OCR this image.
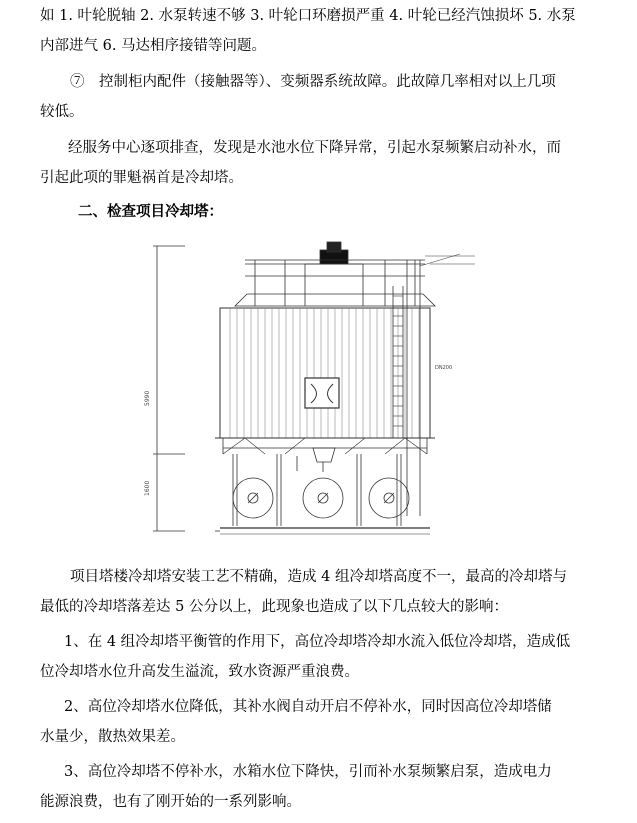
如 1. 叶轮脱轴 2. 水泵转速不够 3. 叶轮口环磨损严重 4. 叶轮已经汽蚀损坏 5. 水泵
内部进气 6. 马达相序接错等问题。
⑦　控制柜内配件（接触器等）、变频器系统故障。此故障几率相对以上几项
较低。
经服务中心逐项排查，发现是水池水位下降异常，引起水泵频繁启动补水，而
引起此项的罪魁祸首是冷却塔。
二、检查项目冷却塔：
5990
1600
DN200
项目塔楼冷却塔安装工艺不精确，造成 4 组冷却塔高度不一，最高的冷却塔与
最低的冷却塔落差达 5 公分以上，此现象也造成了以下几点较大的影响：
1、在 4 组冷却塔平衡管的作用下，高位冷却塔冷却水流入低位冷却塔，造成低
位冷却塔水位升高发生溢流，致水资源严重浪费。
2、高位冷却塔水位降低，其补水阀自动开启不停补水，同时因高位冷却塔储
水量少，散热效果差。
3、高位冷却塔不停补水，水箱水位下降快，引而补水泵频繁启泵，造成电力
能源浪费，也有了刚开始的一系列影响。
